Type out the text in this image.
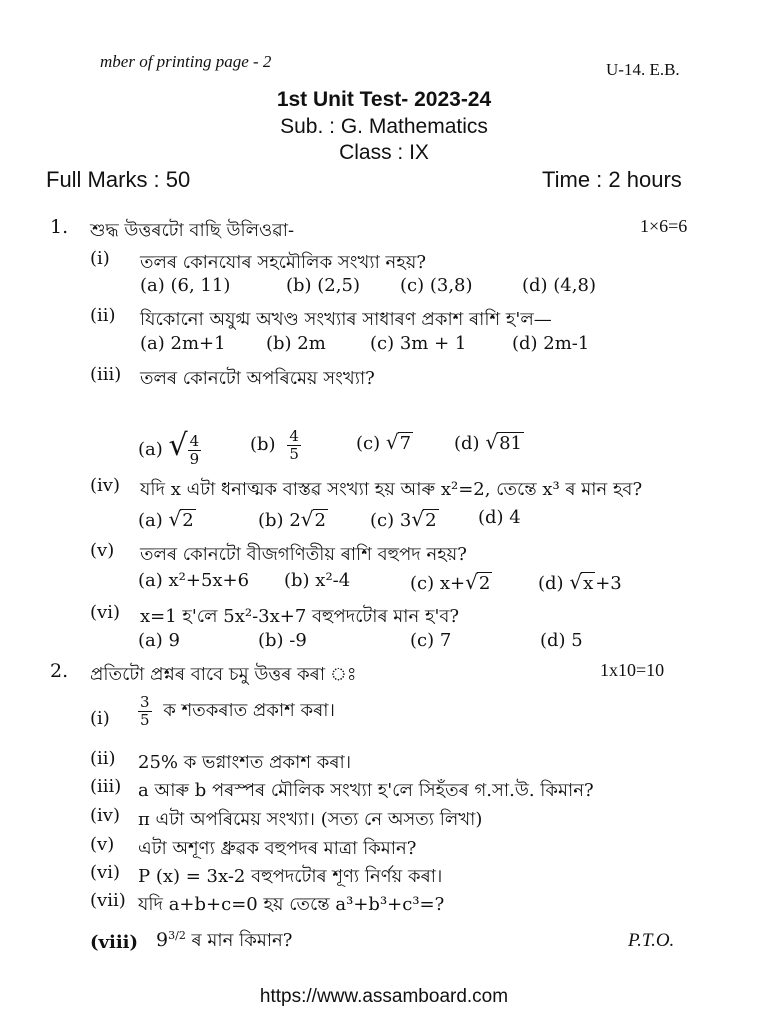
mber of printing page - 2	U-14. E.B.
1st Unit Test- 2023-24
Sub. : G. Mathematics
Class : IX
Full Marks : 50	Time : 2 hours
1. শুদ্ধ উত্তৰটো বাছি উলিওৱা-	1×6=6
(i) তলৰ কোনযোৰ সহমৌলিক সংখ্যা নহয়?
(a) (6, 11)	(b) (2,5) (c) (3,8)	(d) (4,8)
(ii) যিকোনো অযুগ্ম অখণ্ড সংখ্যাৰ সাধাৰণ প্ৰকাশ ৰাশি হ'ল—
(a) 2m+1 (b) 2m (c) 3m + 1	(d) 2m-1
(iii) তলৰ কোনটো অপৰিমেয় সংখ্যা?
(a) √ $\frac{4}{9}$	$(b) \frac{4}{5}$	(c) √7 (d) √81
(iv) যদি x এটা ধনাত্মক বাস্তৱ সংখ্যা হয় আৰু x²=2, তেন্তে x³ ৰ মান হব?
(a) √2	(b) 2√2 (c) 3√2 (d) 4
(v) তলৰ কোনটো বীজগণিতীয় ৰাশি বহুপদ নহয়?
(a) x²+5x+6 (b) x²-4	(c) x+√2	(d) √x +3
(vi) x=1 হ'লে 5x²-3x+7 বহুপদটোৰ মান হ'ব?
(a) 9	(b) -9	(c) 7	(d) 5
2. প্ৰতিটো প্ৰশ্নৰ বাবে চমু উত্তৰ কৰা ঃ	1x10=10
$(i) \frac{3}{5}$ ক শতকৰাত প্ৰকাশ কৰা।
(ii) 25% ক ভগ্নাংশত প্ৰকাশ কৰা।
(iii) a আৰু b পৰস্পৰ মৌলিক সংখ্যা হ'লে সিহঁতৰ গ.সা.উ. কিমান?
(iv) π এটা অপৰিমেয় সংখ্যা। (সত্য নে অসত্য লিখা)
(v) এটা অশূণ্য ধ্ৰুৱক বহুপদৰ মাত্ৰা কিমান?
(vi) P (x) = 3x-2 বহুপদটোৰ শূণ্য নিৰ্ণয় কৰা।
(vii) যদি a+b+c=0 হয় তেন্তে a³+b³+c³=?
(viii) $9^{3/2}$ ৰ মান কিমান?	P.T.O.
https://www.assamboard.com
